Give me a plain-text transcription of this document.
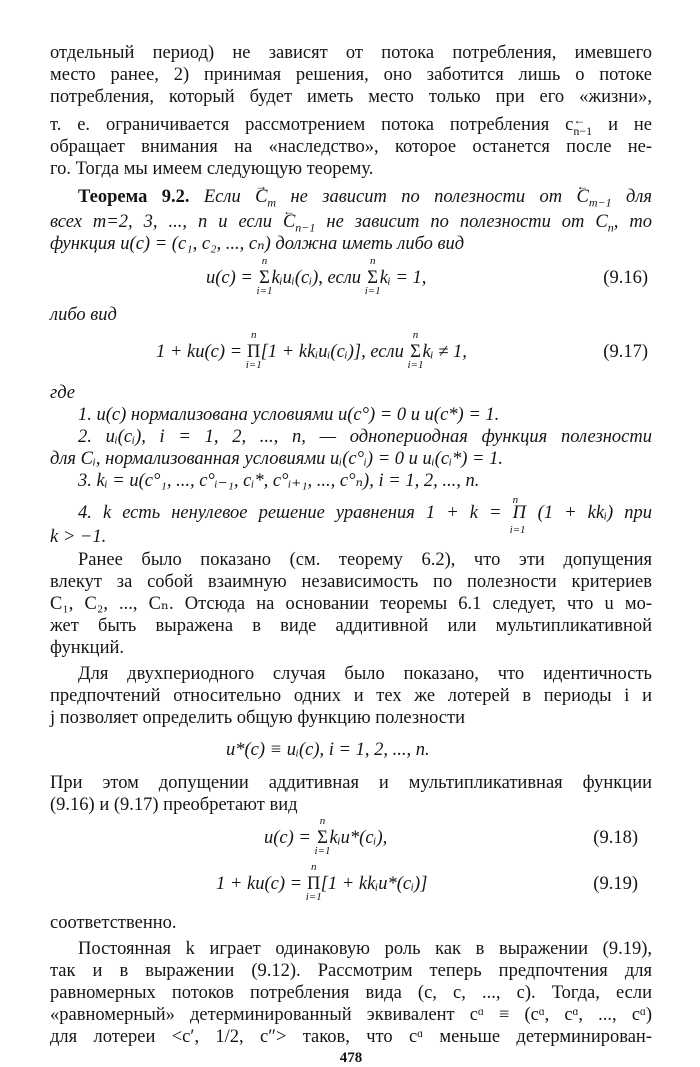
отдельный период) не зависят от потока потребления, имевшего
место ранее, 2) принимая решения, оно заботится лишь о потоке
потребления, который будет иметь место только при его «жизни»,
т. е. ограничивается рассмотрением потока потребления c← $_{n-1}$ и не
обращает внимания на «наследство», которое останется после не-
го. Тогда мы имеем следующую теорему.
Теорема 9.2. Если → $C_m$ не зависит по полезности от ← $C_{m-1}$ для
всех m=2, 3, ..., n и если ← $C_{n-1}$ не зависит по полезности от $C_n$, то
функция u(c) = (c₁, c₂, ..., cₙ) должна иметь либо вид
u(c) =
n
Σ
i=1
kᵢuᵢ(cᵢ), если
n
Σ
i=1
kᵢ = 1,	(9.16)
либо вид
1 + ku(c) =
n
Π
i=1
[1 + kkᵢuᵢ(cᵢ)], если
n
Σ
i=1
kᵢ ≠ 1,	(9.17)
где
1. u(c) нормализована условиями u(c°) = 0 и u(c*) = 1.
2. uᵢ(cᵢ), i = 1, 2, ..., n, — однопериодная функция полезности
для Cᵢ, нормализованная условиями uᵢ(c°ᵢ) = 0 и uᵢ(cᵢ*) = 1.
3. kᵢ = u(c°₁, ..., c°ᵢ₋₁, cᵢ*, c°ᵢ₊₁, ..., c°ₙ), i = 1, 2, ..., n.
4. k есть ненулевое решение уравнения 1 + k =
n
Π
i=1
(1 + kkᵢ) при
k > −1.
Ранее было показано (см. теорему 6.2), что эти допущения
влекут за собой взаимную независимость по полезности критериев
C₁, C₂, ..., Cₙ. Отсюда на основании теоремы 6.1 следует, что u мо-
жет быть выражена в виде аддитивной или мультипликативной
функций.
Для двухпериодного случая было показано, что идентичность
предпочтений относительно одних и тех же лотерей в периоды i и
j позволяет определить общую функцию полезности
u*(c) ≡ uᵢ(c), i = 1, 2, ..., n.
При этом допущении аддитивная и мультипликативная функции
(9.16) и (9.17) преобретают вид
u(c) =
n
Σ
i=1
kᵢu*(cᵢ),	(9.18)
1 + ku(c) =
n
Π
i=1
[1 + kkᵢu*(cᵢ)]	(9.19)
соответственно.
Постоянная k играет одинаковую роль как в выражении (9.19),
так и в выражении (9.12). Рассмотрим теперь предпочтения для
равномерных потоков потребления вида (c, c, ..., c). Тогда, если
«равномерный» детерминированный эквивалент cᵅ ≡ (cᵅ, cᵅ, ..., cᵅ)
для лотереи <c′, 1/2, c″> таков, что cᵅ меньше детерминирован-
478
